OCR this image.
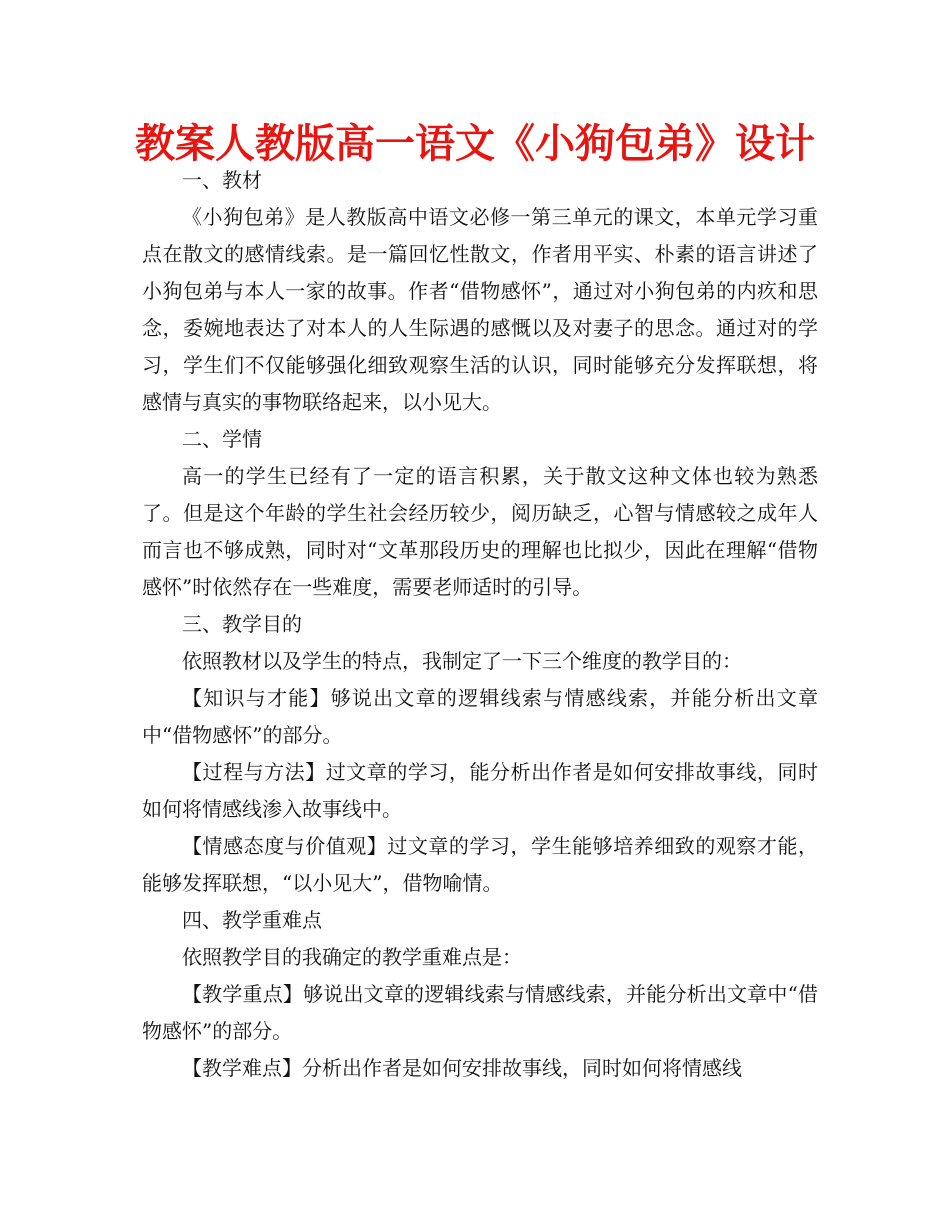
教案人教版高一语文《小狗包弟》设计

一、教材

《小狗包弟》是人教版高中语文必修一第三单元的课文，本单元学习重点在散文的感情线索。是一篇回忆性散文，作者用平实、朴素的语言讲述了小狗包弟与本人一家的故事。作者“借物感怀”，通过对小狗包弟的内疚和思念，委婉地表达了对本人的人生际遇的感慨以及对妻子的思念。通过对的学习，学生们不仅能够强化细致观察生活的认识，同时能够充分发挥联想，将感情与真实的事物联络起来，以小见大。

二、学情

高一的学生已经有了一定的语言积累，关于散文这种文体也较为熟悉了。但是这个年龄的学生社会经历较少，阅历缺乏，心智与情感较之成年人而言也不够成熟，同时对“文革那段历史的理解也比拟少，因此在理解“借物感怀”时依然存在一些难度，需要老师适时的引导。

三、教学目的

依照教材以及学生的特点，我制定了一下三个维度的教学目的：

【知识与才能】够说出文章的逻辑线索与情感线索，并能分析出文章中“借物感怀”的部分。

【过程与方法】过文章的学习，能分析出作者是如何安排故事线，同时如何将情感线渗入故事线中。

【情感态度与价值观】过文章的学习，学生能够培养细致的观察才能，能够发挥联想，“以小见大”，借物喻情。

四、教学重难点

依照教学目的我确定的教学重难点是：

【教学重点】够说出文章的逻辑线索与情感线索，并能分析出文章中“借物感怀”的部分。

【教学难点】分析出作者是如何安排故事线，同时如何将情感线
